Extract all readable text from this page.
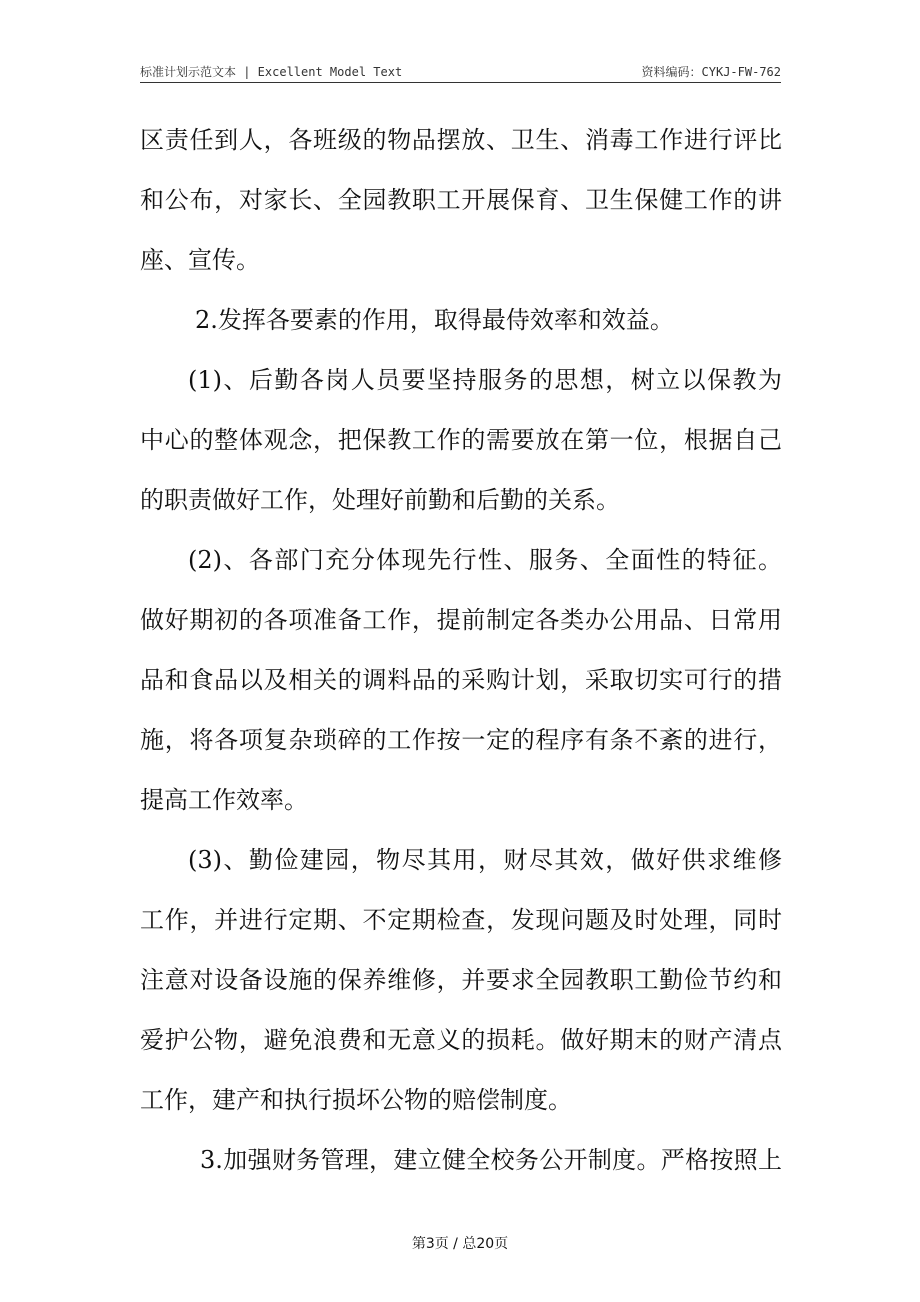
标准计划示范文本 | Excellent Model Text	资料编码：CYKJ-FW-762
区责任到人，各班级的物品摆放、卫生、消毒工作进行评比
和公布，对家长、全园教职工开展保育、卫生保健工作的讲
座、宣传。
2.发挥各要素的作用，取得最侍效率和效益。
(1)、后勤各岗人员要坚持服务的思想，树立以保教为
中心的整体观念，把保教工作的需要放在第一位，根据自己
的职责做好工作，处理好前勤和后勤的关系。
(2)、各部门充分体现先行性、服务、全面性的特征。
做好期初的各项准备工作，提前制定各类办公用品、日常用
品和食品以及相关的调料品的采购计划，采取切实可行的措
施，将各项复杂琐碎的工作按一定的程序有条不紊的进行，
提高工作效率。
(3)、勤俭建园，物尽其用，财尽其效，做好供求维修
工作，并进行定期、不定期检查，发现问题及时处理，同时
注意对设备设施的保养维修，并要求全园教职工勤俭节约和
爱护公物，避免浪费和无意义的损耗。做好期末的财产清点
工作，建产和执行损坏公物的赔偿制度。
3.加强财务管理，建立健全校务公开制度。严格按照上
第3页 / 总20页
